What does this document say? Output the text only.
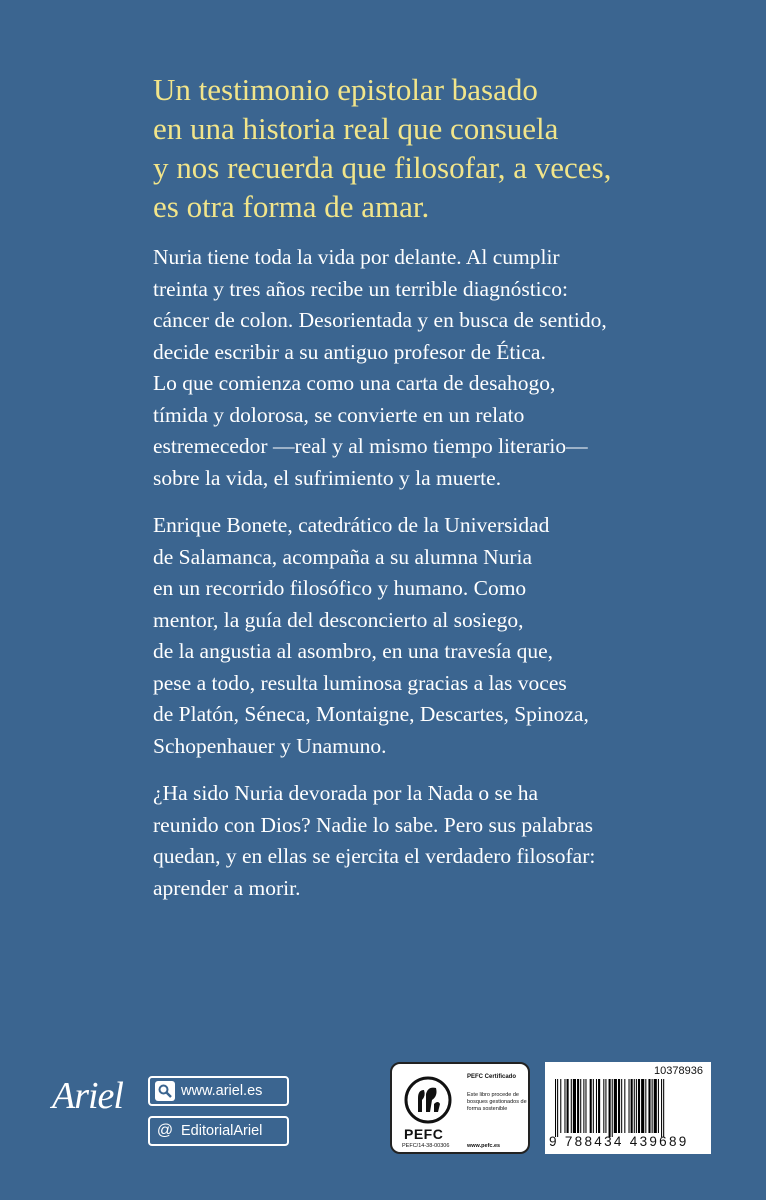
Un testimonio epistolar basado
en una historia real que consuela
y nos recuerda que filosofar, a veces,
es otra forma de amar.
Nuria tiene toda la vida por delante. Al cumplir
treinta y tres años recibe un terrible diagnóstico:
cáncer de colon. Desorientada y en busca de sentido,
decide escribir a su antiguo profesor de Ética.
Lo que comienza como una carta de desahogo,
tímida y dolorosa, se convierte en un relato
estremecedor —real y al mismo tiempo literario—
sobre la vida, el sufrimiento y la muerte.
Enrique Bonete, catedrático de la Universidad
de Salamanca, acompaña a su alumna Nuria
en un recorrido filosófico y humano. Como
mentor, la guía del desconcierto al sosiego,
de la angustia al asombro, en una travesía que,
pese a todo, resulta luminosa gracias a las voces
de Platón, Séneca, Montaigne, Descartes, Spinoza,
Schopenhauer y Unamuno.
¿Ha sido Nuria devorada por la Nada o se ha
reunido con Dios? Nadie lo sabe. Pero sus palabras
quedan, y en ellas se ejercita el verdadero filosofar:
aprender a morir.
Ariel	www.ariel.es
@ EditorialAriel	PEFC
PEFC/14-38-00306
PEFC Certificado
Este libro procede de bosques gestionados de forma sostenible
www.pefc.es
10378936
9 788434 439689
